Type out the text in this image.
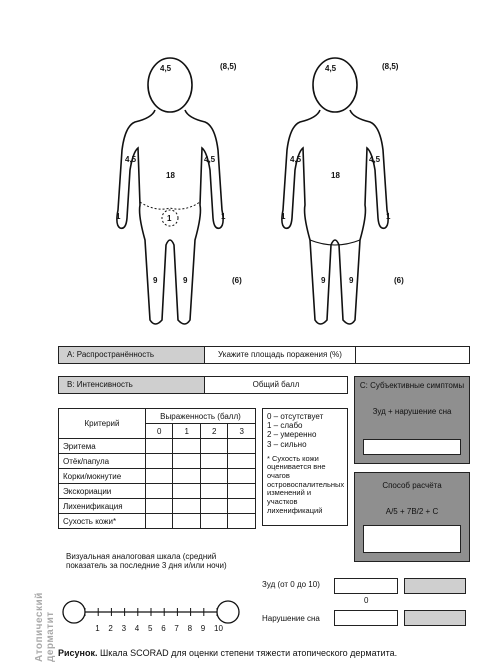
4,5	(8,5)
4,5	4,5
18
1	1
1
9	9	(6)
4,5	(8,5)
4,5	4,5
18
1	1
9	9	(6)
A: Распространённость	Укажите площадь поражения (%)
B: Интенсивность	Общий балл	C: Субъективные симптомы
Зуд + нарушение сна
Критерий	Выраженность (балл)			
	0	1	2	3
Эритема				
Отёк/папула				
Корки/мокнутие				
Экскориации				
Лихенификация				
Сухость кожи*				
0 – отсутствует
1 – слабо
2 – умеренно
3 – сильно
* Сухость кожи оцениваетcя вне очагов островоспалительных изменений и участков лихенификаций
Способ расчёта
A/5 + 7B/2 + C
Визуальная аналоговая шкала (средний показатель за последние 3 дня и/или ночи)
1 2 3 4 5 6 7 8 9 10
Зуд (от 0 до 10)
0
Нарушение сна
Атопический дерматит Рисунок. Шкала SCORAD для оценки степени тяжести атопического дерматита.
